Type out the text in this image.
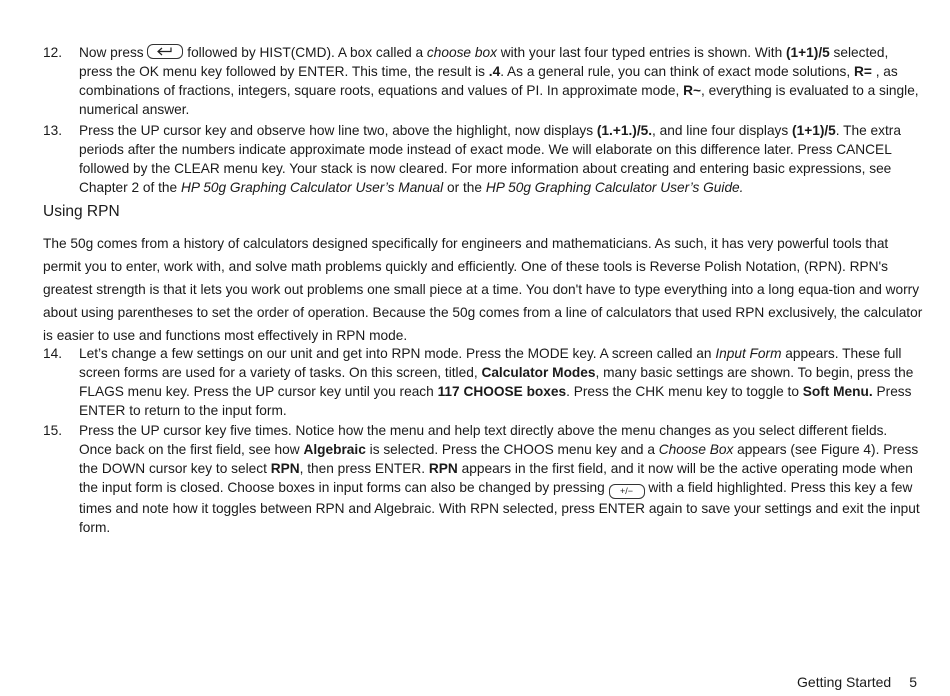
12.	Now press	followed by HIST(CMD). A box called a choose box with your last four typed entries is shown. With (1+1)/5 selected, press the OK menu key followed by ENTER. This time, the result is .4. As a general rule, you can think of exact mode solutions, R= , as combinations of fractions, integers, square roots, equations and values of PI. In approximate mode, R~, everything is evaluated to a single, numerical answer.
13.	Press the UP cursor key and observe how line two, above the highlight, now displays (1.+1.)/5., and line four displays (1+1)/5. The extra periods after the numbers indicate approximate mode instead of exact mode. We will elaborate on this difference later. Press CANCEL followed by the CLEAR menu key. Your stack is now cleared. For more information about creating and entering basic expressions, see Chapter 2 of the HP 50g Graphing Calculator User’s Manual or the HP 50g Graphing Calculator User’s Guide.
Using RPN
The 50g comes from a history of calculators designed specifically for engineers and mathematicians. As such, it has very powerful tools that permit you to enter, work with, and solve math problems quickly and efficiently. One of these tools is Reverse Polish Notation, (RPN). RPN's greatest strength is that it lets you work out problems one small piece at a time. You don't have to type everything into a long equa-tion and worry about using parentheses to set the order of operation. Because the 50g comes from a line of calculators that used RPN exclusively, the calculator is easier to use and functions most effectively in RPN mode.
14.	Let’s change a few settings on our unit and get into RPN mode. Press the MODE key. A screen called an Input Form appears. These full screen forms are used for a variety of tasks. On this screen, titled, Calculator Modes, many basic settings are shown. To begin, press the FLAGS menu key. Press the UP cursor key until you reach 117 CHOOSE boxes. Press the CHK menu key to toggle to Soft Menu. Press ENTER to return to the input form.
15.	Press the UP cursor key five times. Notice how the menu and help text directly above the menu changes as you select different fields. Once back on the first field, see how Algebraic is selected. Press the CHOOS menu key and a Choose Box appears (see Figure 4). Press the DOWN cursor key to select RPN, then press ENTER. RPN appears in the first field, and it now will be the active operating mode when the input form is closed. Choose boxes in input forms can also be changed by pressing +/− with a field highlighted. Press this key a few times and note how it toggles between RPN and Algebraic. With RPN selected, press ENTER again to save your settings and exit the input form.
Getting Started 5
